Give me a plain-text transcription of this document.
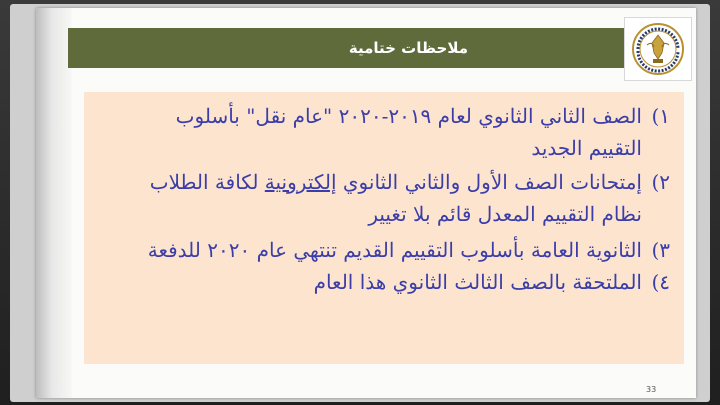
ملاحظات ختامية
١)الصف الثاني الثانوي لعام ٢٠١٩-٢٠٢٠ "عام نقل" بأسلوب
التقييم الجديد
٢)إمتحانات الصف الأول والثاني الثانوي إلكترونية لكافة الطلاب
نظام التقييم المعدل قائم بلا تغيير
٣)الثانوية العامة بأسلوب التقييم القديم تنتهي عام ٢٠٢٠ للدفعة
٤)الملتحقة بالصف الثالث الثانوي هذا العام
33
